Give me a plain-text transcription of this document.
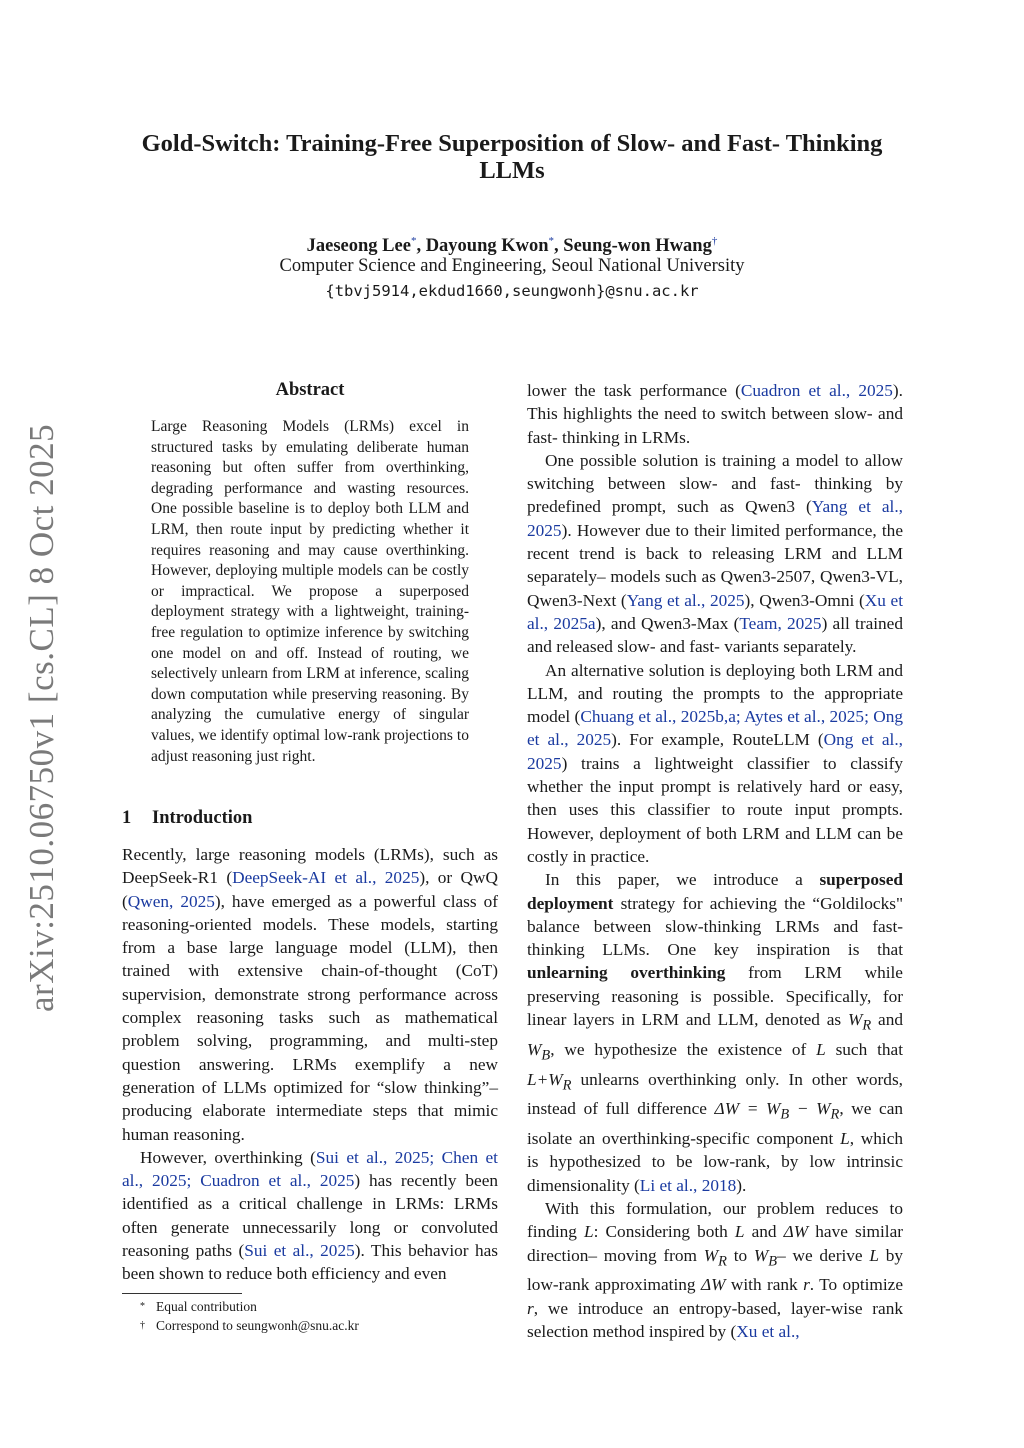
arXiv:2510.06750v1 [cs.CL] 8 Oct 2025
Gold-Switch: Training-Free Superposition of Slow- and Fast- Thinking LLMs
Jaeseong Lee*, Dayoung Kwon*, Seung-won Hwang†
Computer Science and Engineering, Seoul National University
{tbvj5914,ekdud1660,seungwonh}@snu.ac.kr
Abstract
Large Reasoning Models (LRMs) excel in structured tasks by emulating deliberate human reasoning but often suffer from overthinking, degrading performance and wasting resources. One possible baseline is to deploy both LLM and LRM, then route input by predicting whether it requires reasoning and may cause overthinking. However, deploying multiple models can be costly or impractical. We propose a superposed deployment strategy with a lightweight, training-free regulation to optimize inference by switching one model on and off. Instead of routing, we selectively unlearn from LRM at inference, scaling down computation while preserving reasoning. By analyzing the cumulative energy of singular values, we identify optimal low-rank projections to adjust reasoning just right.
1 Introduction

Recently, large reasoning models (LRMs), such as DeepSeek-R1 (DeepSeek-AI et al., 2025), or QwQ (Qwen, 2025), have emerged as a powerful class of reasoning-oriented models. These models, starting from a base large language model (LLM), then trained with extensive chain-of-thought (CoT) supervision, demonstrate strong performance across complex reasoning tasks such as mathematical problem solving, programming, and multi-step question answering. LRMs exemplify a new generation of LLMs optimized for “slow thinking”– producing elaborate intermediate steps that mimic human reasoning.

However, overthinking (Sui et al., 2025; Chen et al., 2025; Cuadron et al., 2025) has recently been identified as a critical challenge in LRMs: LRMs often generate unnecessarily long or convoluted reasoning paths (Sui et al., 2025). This behavior has been shown to reduce both efficiency and even

lower the task performance (Cuadron et al., 2025). This highlights the need to switch between slow- and fast- thinking in LRMs.

One possible solution is training a model to allow switching between slow- and fast- thinking by predefined prompt, such as Qwen3 (Yang et al., 2025). However due to their limited performance, the recent trend is back to releasing LRM and LLM separately– models such as Qwen3-2507, Qwen3-VL, Qwen3-Next (Yang et al., 2025), Qwen3-Omni (Xu et al., 2025a), and Qwen3-Max (Team, 2025) all trained and released slow- and fast- variants separately.

An alternative solution is deploying both LRM and LLM, and routing the prompts to the appropriate model (Chuang et al., 2025b,a; Aytes et al., 2025; Ong et al., 2025). For example, RouteLLM (Ong et al., 2025) trains a lightweight classifier to classify whether the input prompt is relatively hard or easy, then uses this classifier to route input prompts. However, deployment of both LRM and LLM can be costly in practice.

In this paper, we introduce a superposed deployment strategy for achieving the “Goldilocks" balance between slow-thinking LRMs and fast-thinking LLMs. One key inspiration is that unlearning overthinking from LRM while preserving reasoning is possible. Specifically, for linear layers in LRM and LLM, denoted as $W_R$ and $W_B$, we hypothesize the existence of L such that $L+W_R$ unlearns overthinking only. In other words, instead of full difference $\Delta W = W_B - W_R$, we can isolate an overthinking-specific component L, which is hypothesized to be low-rank, by low intrinsic dimensionality (Li et al., 2018).

With this formulation, our problem reduces to finding L: Considering both L and ΔW have similar direction– moving from $W_R$ to $W_B-$ we derive L by low-rank approximating ΔW with rank r. To optimize r, we introduce an entropy-based, layer-wise rank selection method inspired by (Xu et al.,

* Equal contribution
† Correspond to seungwonh@snu.ac.kr
